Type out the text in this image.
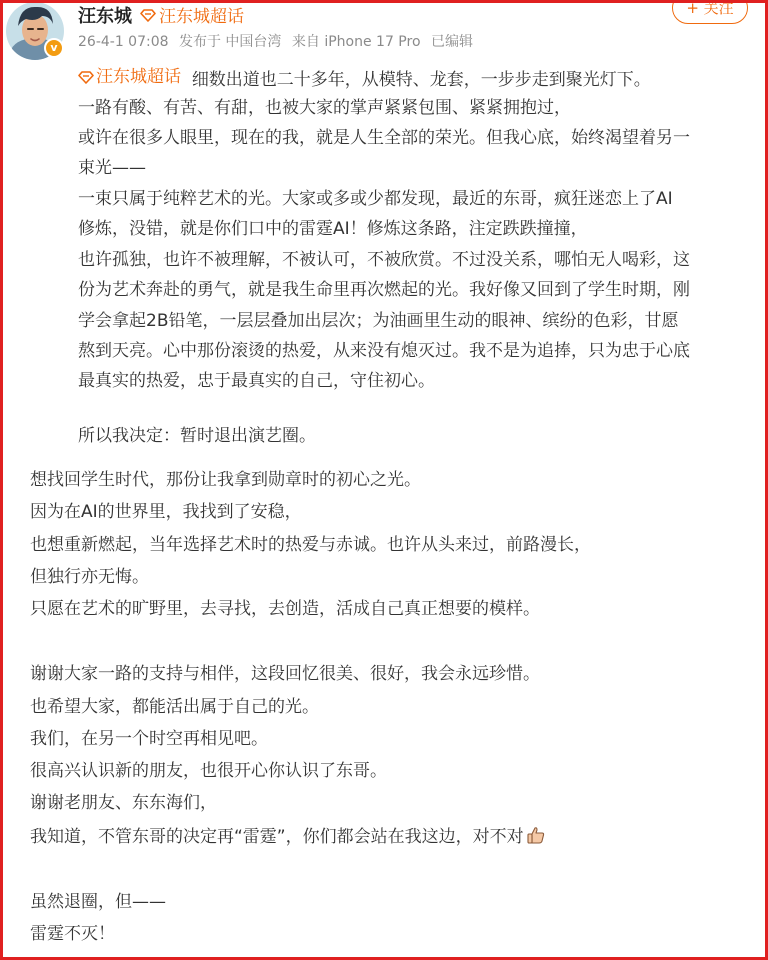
v
汪东城 汪东城超话
26-4-1 07:08 发布于 中国台湾 来自 iPhone 17 Pro 已编辑
+ 关注
汪东城超话 细数出道也二十多年，从模特、龙套，一步步走到聚光灯下。
一路有酸、有苦、有甜，也被大家的掌声紧紧包围、紧紧拥抱过，
或许在很多人眼里，现在的我，就是人生全部的荣光。但我心底，始终渴望着另一
束光——
一束只属于纯粹艺术的光。大家或多或少都发现，最近的东哥，疯狂迷恋上了AI
修炼，没错，就是你们口中的雷霆AI！修炼这条路，注定跌跌撞撞，
也许孤独，也许不被理解，不被认可，不被欣赏。不过没关系，哪怕无人喝彩，这
份为艺术奔赴的勇气，就是我生命里再次燃起的光。我好像又回到了学生时期，刚
学会拿起2B铅笔，一层层叠加出层次；为油画里生动的眼神、缤纷的色彩，甘愿
熬到天亮。心中那份滚烫的热爱，从来没有熄灭过。我不是为追捧，只为忠于心底
最真实的热爱，忠于最真实的自己，守住初心。
所以我决定：暂时退出演艺圈。
想找回学生时代，那份让我拿到勋章时的初心之光。
因为在AI的世界里，我找到了安稳，
也想重新燃起，当年选择艺术时的热爱与赤诚。也许从头来过，前路漫长，
但独行亦无悔。
只愿在艺术的旷野里，去寻找，去创造，活成自己真正想要的模样。
谢谢大家一路的支持与相伴，这段回忆很美、很好，我会永远珍惜。
也希望大家，都能活出属于自己的光。
我们，在另一个时空再相见吧。
很高兴认识新的朋友，也很开心你认识了东哥。
谢谢老朋友、东东海们，
我知道，不管东哥的决定再“雷霆”，你们都会站在我这边，对不对
虽然退圈，但——
雷霆不灭！
